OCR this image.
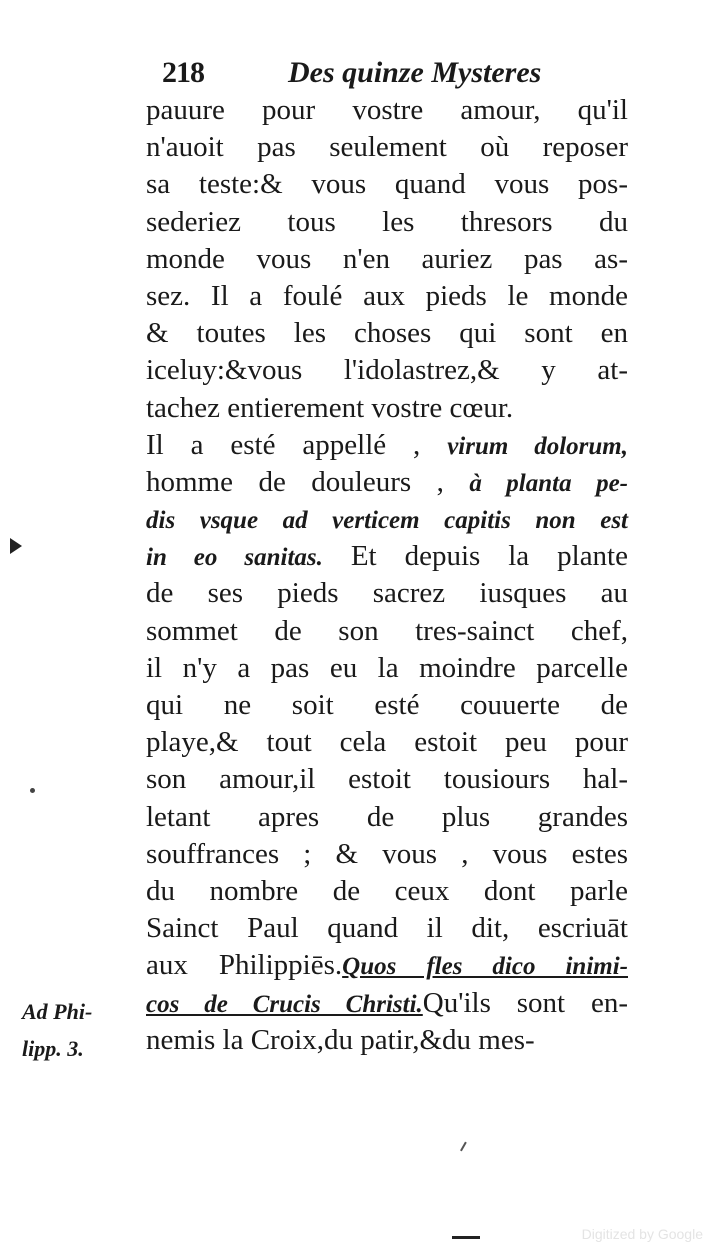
218	Des quinze Mysteres
pauure pour vostre amour, qu'il
n'auoit pas seulement où reposer
sa teste:& vous quand vous pos-
sederiez tous les thresors du
monde vous n'en auriez pas as-
sez. Il a foulé aux pieds le monde
& toutes les choses qui sont en
iceluy:&vous l'idolastrez,& y at-
tachez entierement vostre cœur.
Il a esté appellé , virum dolorum,
homme de douleurs , à planta pe-
dis vsque ad verticem capitis non est
in eo sanitas. Et depuis la plante
de ses pieds sacrez iusques au
sommet de son tres-sainct chef,
il n'y a pas eu la moindre parcelle
qui ne soit esté couuerte de
playe,& tout cela estoit peu pour
son amour,il estoit tousiours hal-
letant apres de plus grandes
souffrances ; & vous , vous estes
du nombre de ceux dont parle
Sainct Paul quand il dit, escriuāt
aux Philippiēs.Quos fles dico inimi-
cos de Crucis Christi.Qu'ils sont en-
nemis la Croix,du patir,&du mes-
Ad Phi-
lipp. 3.
Digitized by Google
